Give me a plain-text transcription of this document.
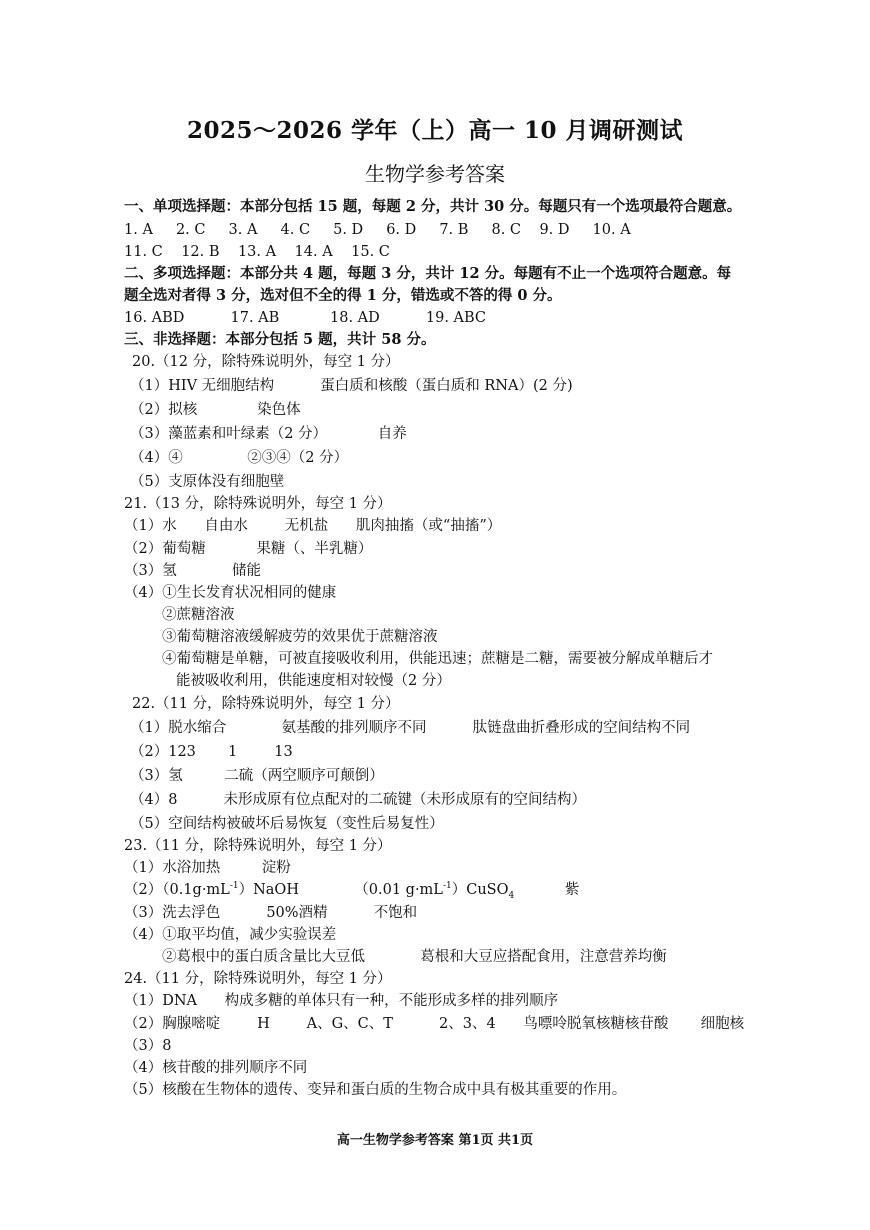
2025～2026 学年（上）高一 10 月调研测试
生物学参考答案
一、单项选择题：本部分包括 15 题，每题 2 分，共计 30 分。每题只有一个选项最符合题意。
1. A     2. C     3. A     4. C     5. D     6. D     7. B     8. C    9. D     10. A
11. C    12. B    13. A    14. A    15. C
二、多项选择题：本部分共 4 题，每题 3 分，共计 12 分。每题有不止一个选项符合题意。每
题全选对者得 3 分，选对但不全的得 1 分，错选或不答的得 0 分。
16. ABD          17. AB           18. AD          19. ABC
三、非选择题：本部分包括 5 题，共计 58 分。
20.（12 分，除特殊说明外，每空 1 分）
（1）HIV 无细胞结构          蛋白质和核酸（蛋白质和 RNA）(2 分)
（2）拟核             染色体
（3）藻蓝素和叶绿素（2 分）           自养
（4）④              ②③④（2 分）
（5）支原体没有细胞壁
21.（13 分，除特殊说明外，每空 1 分）
（1）水      自由水        无机盐      肌肉抽搐（或“抽搐”）
（2）葡萄糖           果糖（、半乳糖）
（3）氢            储能
（4）①生长发育状况相同的健康
②蔗糖溶液
③葡萄糖溶液缓解疲劳的效果优于蔗糖溶液
④葡萄糖是单糖，可被直接吸收利用，供能迅速；蔗糖是二糖，需要被分解成单糖后才
能被吸收利用，供能速度相对较慢（2 分）
22.（11 分，除特殊说明外，每空 1 分）
（1）脱水缩合            氨基酸的排列顺序不同          肽链盘曲折叠形成的空间结构不同
（2）123       1        13
（3）氢         二硫（两空顺序可颠倒）
（4）8          未形成原有位点配对的二硫键（未形成原有的空间结构）
（5）空间结构被破坏后易恢复（变性后易复性）
23.（11 分，除特殊说明外，每空 1 分）
（1）水浴加热         淀粉
$(2)(0.1g\cdot mL^{-1})NaOH$            （0.01 $g\cdot mL^{-1})CuSO_4$           紫
（3）洗去浮色          50%酒精          不饱和
（4）①取平均值，减少实验误差
②葛根中的蛋白质含量比大豆低            葛根和大豆应搭配食用，注意营养均衡
24.（11 分，除特殊说明外，每空 1 分）
（1）DNA      构成多糖的单体只有一种，不能形成多样的排列顺序
（2）胸腺嘧啶        H        A、G、C、T          2、3、4      鸟嘌呤脱氧核糖核苷酸       细胞核
（3）8
（4）核苷酸的排列顺序不同
（5）核酸在生物体的遗传、变异和蛋白质的生物合成中具有极其重要的作用。
高一生物学参考答案 第1页 共1页
